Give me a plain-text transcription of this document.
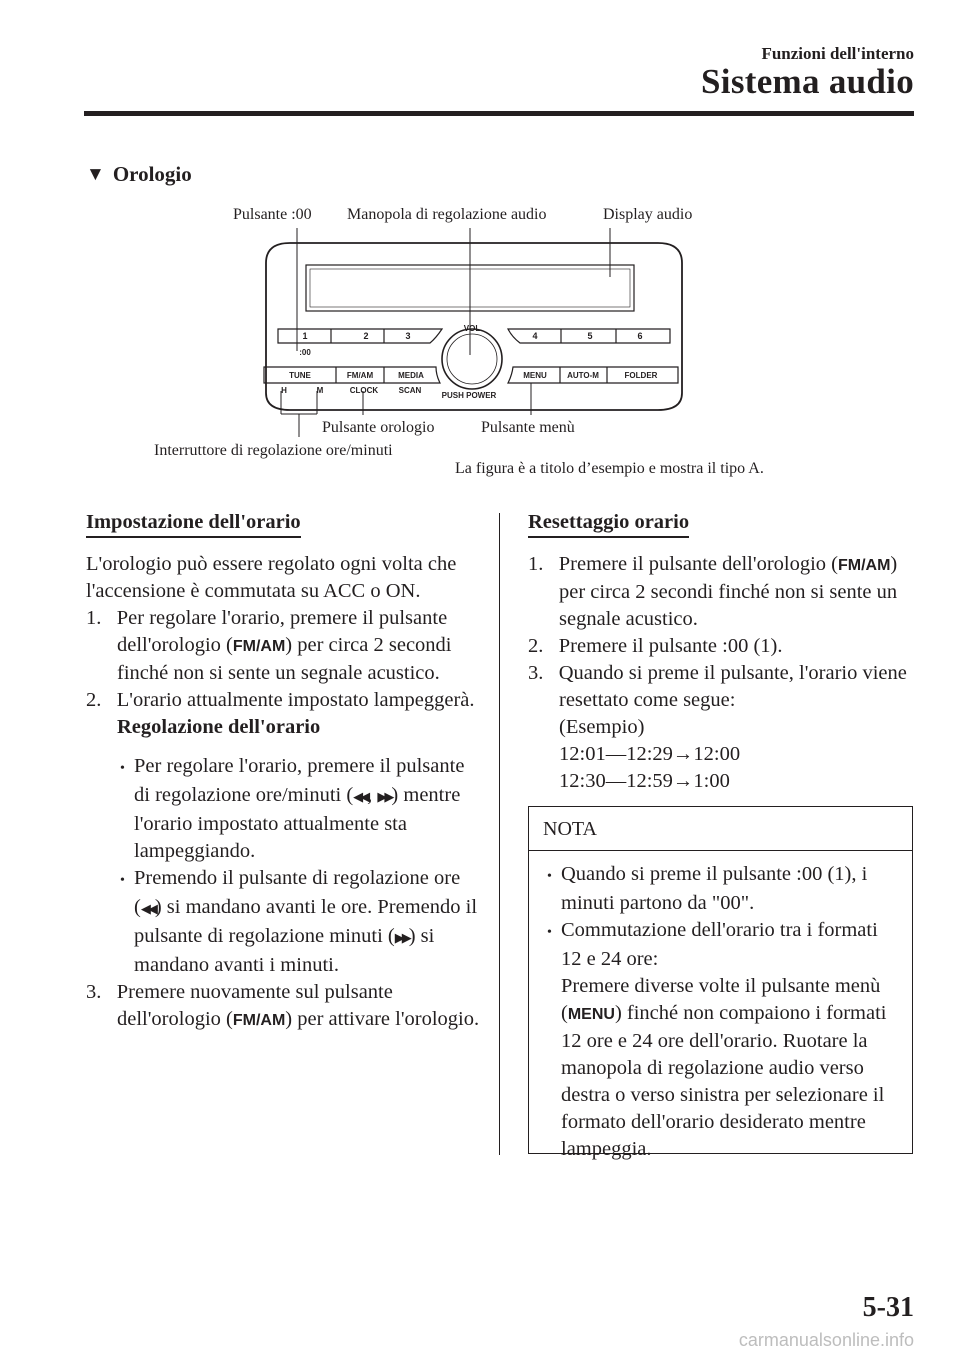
Funzioni dell'interno
Sistema audio
▼ Orologio
Pulsante :00 Manopola di regolazione audio	Display audio
1	2	3	4	5	6
:00
VOL
TUNE	FM/AM	MEDIA	MENU	AUTO-M	FOLDER
H	M	CLOCK	SCAN
PUSH POWER
Pulsante orologio	Pulsante menù
Interruttore di regolazione ore/minuti
La figura è a titolo d’esempio e mostra il tipo A.
Impostazione dell'orario

L'orologio può essere regolato ogni volta che l'accensione è commutata su ACC o ON.

1. Per regolare l'orario, premere il pulsante dell'orologio (FM/AM) per circa 2 secondi finché non si sente un segnale acustico.

2. L'orario attualmente impostato lampeggerà.

Regolazione dell'orario

• Per regolare l'orario, premere il pulsante di regolazione ore/minuti (◀◀, ▶▶) mentre l'orario impostato attualmente sta lampeggiando.

• Premendo il pulsante di regolazione ore (◀◀) si mandano avanti le ore. Premendo il pulsante di regolazione minuti (▶▶) si mandano avanti i minuti.

3. Premere nuovamente sul pulsante dell'orologio (FM/AM) per attivare l'orologio.

Resettaggio orario

1. Premere il pulsante dell'orologio (FM/AM) per circa 2 secondi finché non si sente un segnale acustico.

2. Premere il pulsante :00 (1).

3. Quando si preme il pulsante, l'orario viene resettato come segue:

(Esempio)

12:01―12:29→12:00

12:30―12:59→1:00

NOTA

• Quando si preme il pulsante :00 (1), i minuti partono da "00".

• Commutazione dell'orario tra i formati 12 e 24 ore:

Premere diverse volte il pulsante menù (MENU) finché non compaiono i formati 12 ore e 24 ore dell'orario. Ruotare la manopola di regolazione audio verso destra o verso sinistra per selezionare il formato dell'orario desiderato mentre lampeggia.

5-31
carmanualsonline.info
